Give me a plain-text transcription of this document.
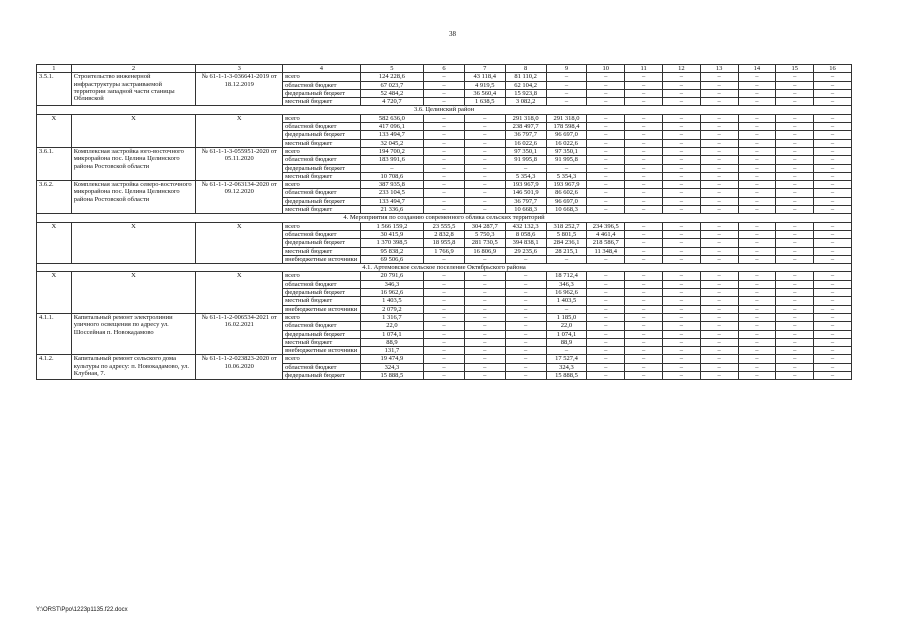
38
1	2	3	4	5	6	7	8	9	10	11	12	13	14	15	16
3.5.1.	Строительство инженерной инфраструктуры застраиваемой территории западной части станицы Обливской	№ 61-1-1-3-036641-2019 от 18.12.2019	всего	124 228,6	–	43 118,4	81 110,2	–	–	–	–	–	–	–	–
			областной бюджет	67 023,7	–	4 919,5	62 104,2	–	–	–	–	–	–	–	–
			федеральный бюджет	52 484,2	–	36 560,4	15 923,8	–	–	–	–	–	–	–	–
			местный бюджет	4 720,7	–	1 638,5	3 082,2	–	–	–	–	–	–	–	–
3.6. Целинский район															
X	X	X	всего	582 636,0	–	–	291 318,0	291 318,0	–	–	–	–	–	–	–
			областной бюджет	417 096,1	–	–	238 497,7	178 598,4	–	–	–	–	–	–	–
			федеральный бюджет	133 494,7	–	–	36 797,7	96 697,0	–	–	–	–	–	–	–
			местный бюджет	32 045,2	–	–	16 022,6	16 022,6	–	–	–	–	–	–	–
3.6.1.	Комплексная застройка юго-восточного микрорайона пос. Целина Целинского района Ростовской области	№ 61-1-1-3-055951-2020 от 05.11.2020	всего	194 700,2	–	–	97 350,1	97 350,1	–	–	–	–	–	–	–
			областной бюджет	183 991,6	–	–	91 995,8	91 995,8	–	–	–	–	–	–	–
			федеральный бюджет	–	–	–	–	–	–	–	–	–	–	–	–
			местный бюджет	10 708,6	–	–	5 354,3	5 354,3	–	–	–	–	–	–	–
3.6.2.	Комплексная застройка северо-восточного микрорайона пос. Целина Целинского района Ростовской области	№ 61-1-1-2-063134-2020 от 09.12.2020	всего	387 935,8	–	–	193 967,9	193 967,9	–	–	–	–	–	–	–
			областной бюджет	233 104,5	–	–	146 501,9	86 602,6	–	–	–	–	–	–	–
			федеральный бюджет	133 494,7	–	–	36 797,7	96 697,0	–	–	–	–	–	–	–
			местный бюджет	21 336,6	–	–	10 668,3	10 668,3	–	–	–	–	–	–	–
4. Мероприятия по созданию современного облика сельских территорий															
X	X	X	всего	1 566 159,2	23 555,5	304 287,7	432 132,3	318 252,7	234 396,5	–	–	–	–	–	–
			областной бюджет	30 415,9	2 832,8	5 750,3	8 058,6	5 801,5	4 461,4	–	–	–	–	–	–
			федеральный бюджет	1 370 398,5	18 955,8	281 730,5	394 838,1	284 236,1	218 586,7	–	–	–	–	–	–
			местный бюджет	95 838,2	1 766,9	16 806,9	29 235,6	28 215,1	11 348,4	–	–	–	–	–	–
			внебюджетные источники	69 506,6	–	–	–	–	–	–	–	–	–	–	–
4.1. Артемовское сельское поселение Октябрьского района															
X	X	X	всего	20 791,6	–	–	–	18 712,4	–	–	–	–	–	–	–
			областной бюджет	346,3	–	–	–	346,3	–	–	–	–	–	–	–
			федеральный бюджет	16 962,6	–	–	–	16 962,6	–	–	–	–	–	–	–
			местный бюджет	1 403,5	–	–	–	1 403,5	–	–	–	–	–	–	–
			внебюджетные источники	2 079,2	–	–	–	–	–	–	–	–	–	–	–
4.1.1.	Капитальный ремонт электролинии уличного освещения по адресу ул. Шоссейная п. Новокадамово	№ 61-1-1-2-006534-2021 от 16.02.2021	всего	1 316,7	–	–	–	1 185,0	–	–	–	–	–	–	–
			областной бюджет	22,0	–	–	–	22,0	–	–	–	–	–	–	–
			федеральный бюджет	1 074,1	–	–	–	1 074,1	–	–	–	–	–	–	–
			местный бюджет	88,9	–	–	–	88,9	–	–	–	–	–	–	–
			внебюджетные источники	131,7	–	–	–	–	–	–	–	–	–	–	–
4.1.2.	Капитальный ремонт сельского дома культуры по адресу: п. Новокадамово, ул. Клубная, 7.	№ 61-1-1-2-023823-2020 от 10.06.2020	всего	19 474,9	–	–	–	17 527,4	–	–	–	–	–	–	–
			областной бюджет	324,3	–	–	–	324,3	–	–	–	–	–	–	–
			федеральный бюджет	15 888,5	–	–	–	15 888,5	–	–	–	–	–	–	–
Y:\ORST\Ppo\1223p1135.f22.docx
